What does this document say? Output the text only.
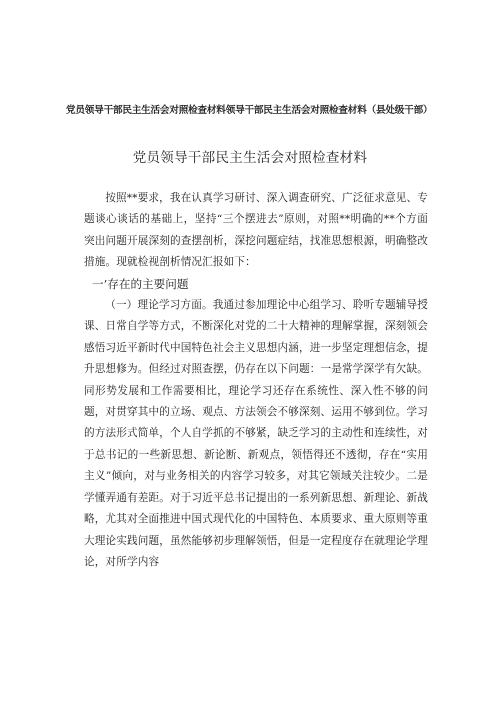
党员领导干部民主生活会对照检查材料领导干部民主生活会对照检查材料（县处级干部）
党员领导干部民主生活会对照检查材料

按照**要求，我在认真学习研讨、深入调查研究、广泛征求意见、专题谈心谈话的基础上，坚持“三个摆进去”原则，对照**明确的**个方面突出问题开展深刻的查摆剖析，深挖问题症结，找准思想根源，明确整改措施。现就检视剖析情况汇报如下：

一’存在的主要问题

（一）理论学习方面。我通过参加理论中心组学习、聆听专题辅导授课、日常自学等方式，不断深化对党的二十大精神的理解掌握，深刻领会感悟习近平新时代中国特色社会主义思想内涵，进一步坚定理想信念，提升思想修为。但经过对照查摆，仍存在以下问题：一是常学深学有欠缺。同形势发展和工作需要相比，理论学习还存在系统性、深入性不够的问题，对贯穿其中的立场、观点、方法领会不够深刻、运用不够到位。学习的方法形式简单，个人自学抓的不够紧，缺乏学习的主动性和连续性，对于总书记的一些新思想、新论断、新观点，领悟得还不透彻，存在“实用主义”倾向，对与业务相关的内容学习较多，对其它领域关注较少。二是学懂弄通有差距。对于习近平总书记提出的一系列新思想、新理论、新战略，尤其对全面推进中国式现代化的中国特色、本质要求、重大原则等重大理论实践问题，虽然能够初步理解领悟，但是一定程度存在就理论学理论，对所学内容
